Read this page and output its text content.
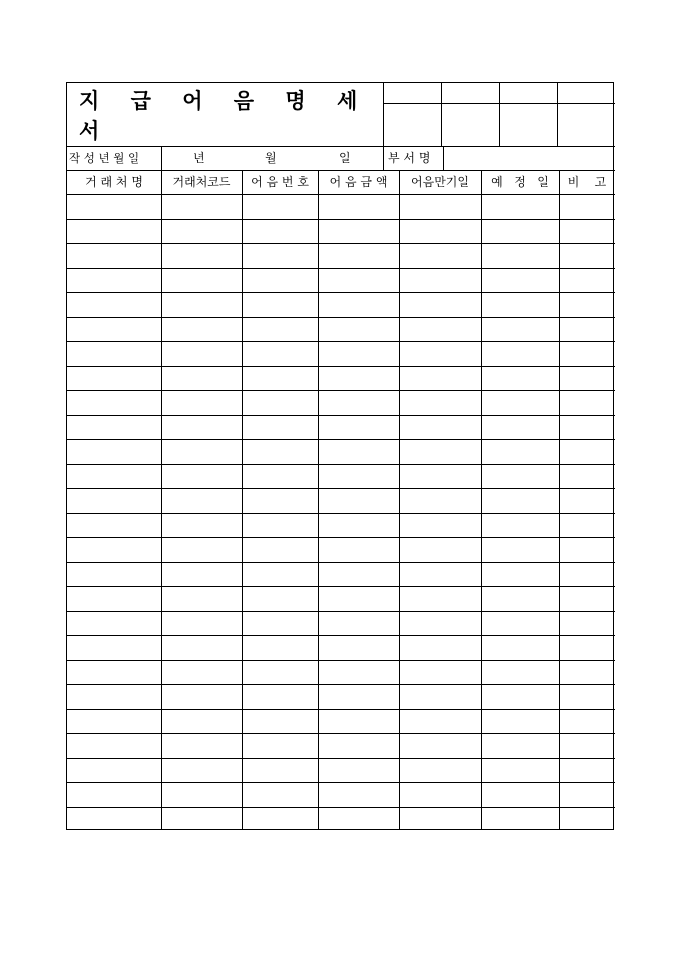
지 급 어 음 명 세 서
작 성 년 월 일	년	월	일	부 서 명
거 래 처 명	거래처코드	어 음 번 호	어 음 금 액	어음만기일	예   정   일	비    고
